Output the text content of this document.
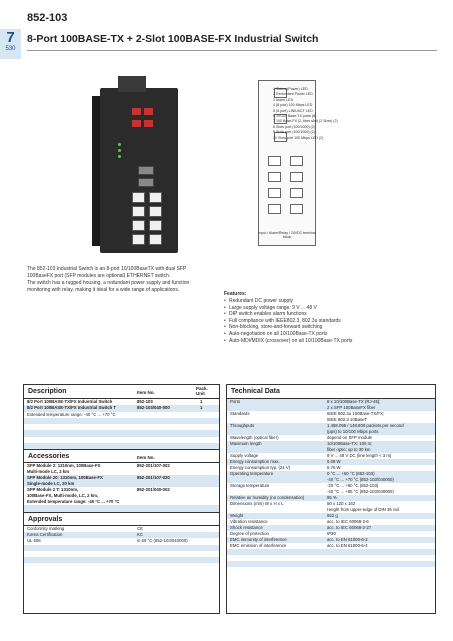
852-103
7
530
8-Port 100BASE-TX + 2-Slot 100BASE-FX Industrial Switch
Input / Alarm/Relay / 24VDC terminal block
1 Status (Power) LED
2 Redundant Power LED
3 Alarm LED
4 (8 port) 100 Mbps LED
5 (8 port) LINK/ACT LED
6 10/100 Base-TX ports (8)
7 100 Base-FX (2, fiber slot) (2 Slots) (2)
8 Slots port (100/1000) (2)
9 Slots port (100/1000) (2)
10 Slots port 100 Mbps LED (2)
The 852-103 Industrial Switch is an 8-port 10/100BaseTX with dual SFP
100BaseFX port (SFP modules are optional) ETHERNET switch.
The switch has a rugged housing, a redundant power supply and function
monitoring with relay, making it ideal for a wide range of applications.
Features:
• Redundant DC power supply
• Large supply voltage range: 9 V ... 48 V
• DIP switch enables alarm functions
• Full compliance with IEEE802.3, 802.3u standards
• Non-blocking, store-and-forward switching
• Auto-negotiation on all 10/100Base-TX ports
• Auto-MDI/MDIX (crossover) on all 10/100Base-TX ports
Description	Item No.
Pack. Unit
8/2 Port 100BASE-TX/FX Industrial Switch	852-103	1
8/2 Port 100BASE-TX/FX Industrial Switch T	852-103/040-000	1
Extended temperature range: -40 °C ... +70 °C
Accessories	Item No.
SFP Module 2: 1310nm, 100Base-FX
Multi-mode LC, 2 km
852-201/107-002
SFP Module 20: 1310nm, 100Base-FX
Single-mode LC, 20 km
852-201/107-020
SFP Module 2 T: 1310nm,
100Base-FX, Multi-mode, LC, 2 km,
Extended temperature range: -40 °C ... +70 °C
852-201/040-002
Approvals
Conformity marking	CE
Korea Certification	KC
UL 508	in 60 °C (852-103/040000)
Technical Data
Ports	8 x 10/100Base-TX (RJ-45);
2 x SFP 100BaseFX fiber
Standards	IEEE 802.3u 100Base-TX/FX;
IEEE 802.3 10BaseT
Throughputs	1.488.095 / 148,800 packets per second
(pps) to 10/100 Mbps ports
Wavelength (optical fiber)	depend on SFP module
Maximum length	10/100Base-TX: 100 m;
fiber optic: up to 30 km
Supply voltage	9 V ... 48 V DC (line length < 3 m)
Energy consumption max.	6.08 W
Energy consumption typ. (24 V)	5.76 W
Operating temperature	0 °C ... +60 °C (852-103)
-40 °C ... +70 °C (852-103/040000)
Storage temperature	-20 °C ... +80 °C (852-103)
-40 °C ... +85 °C (852-103/040000)
Relative air humidity (no condensation)	95 %
Dimensions (mm) W x H x L	50 x 120 x 162
Height from upper-edge of DIN 35 rail
Weight	922 g
Vibration resistance	acc. to IEC 60068-2-6
Shock resistance	acc. to IEC 60068-2-27
Degree of protection	IP30
EMC immunity of interference	acc. to EN 61000-6-2
EMC emission of interference	acc. to EN 61000-6-4
